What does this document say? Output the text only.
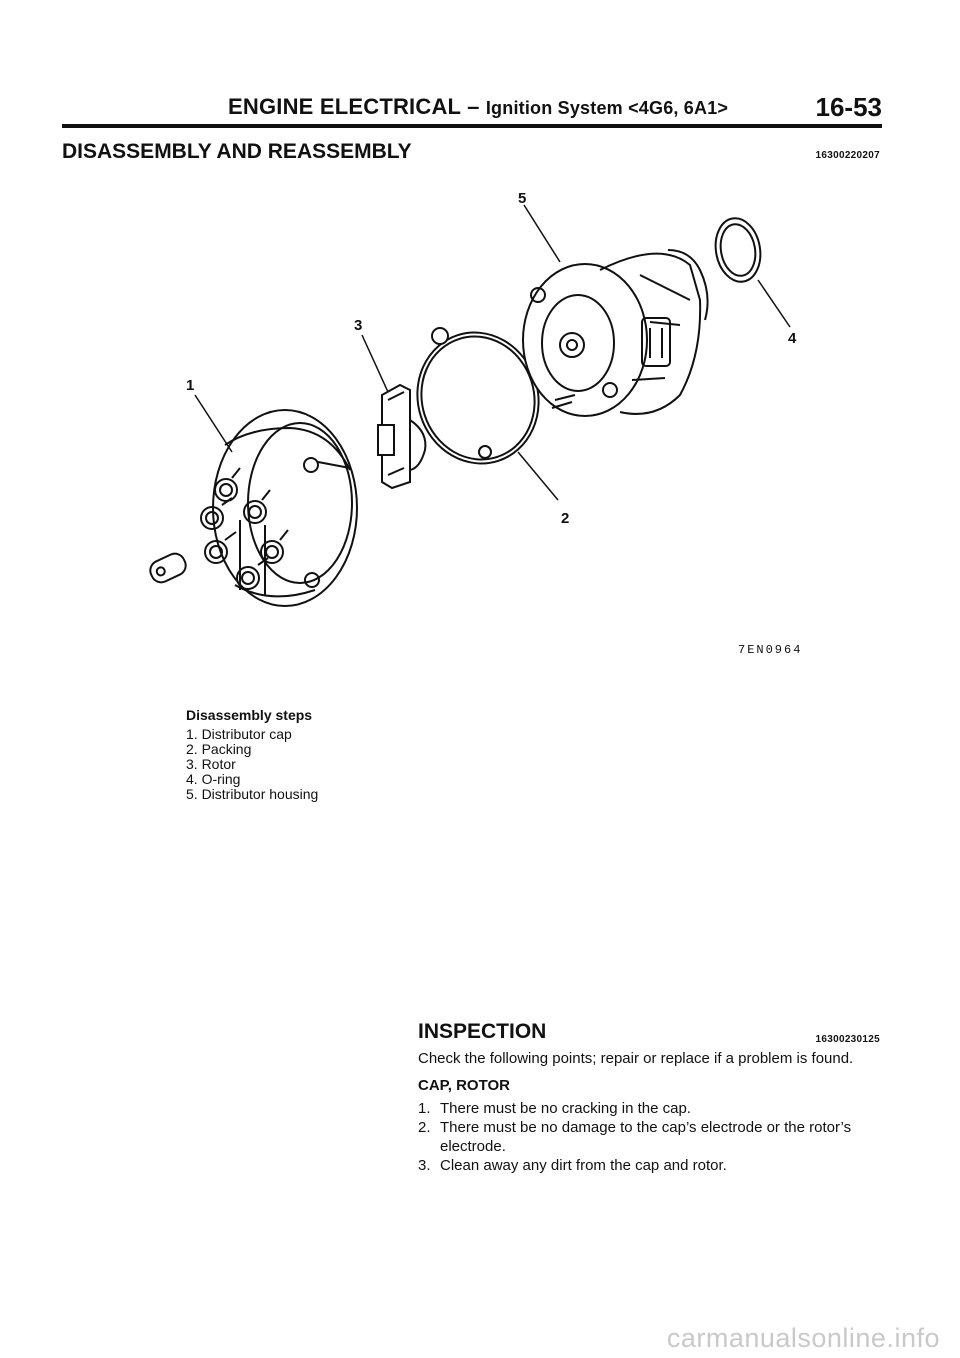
ENGINE ELECTRICAL – Ignition System <4G6, 6A1>	16-53
DISASSEMBLY AND REASSEMBLY	16300220207
1
2
3
4
5
7EN0964
Disassembly steps
1. Distributor cap
2. Packing
3. Rotor
4. O-ring
5. Distributor housing
16300230125
INSPECTION

Check the following points; repair or replace if a problem is found.

CAP, ROTOR

1. There must be no cracking in the cap.
2. There must be no damage to the cap’s electrode or the rotor’s electrode.
3. Clean away any dirt from the cap and rotor.
carmanualsonline.info
